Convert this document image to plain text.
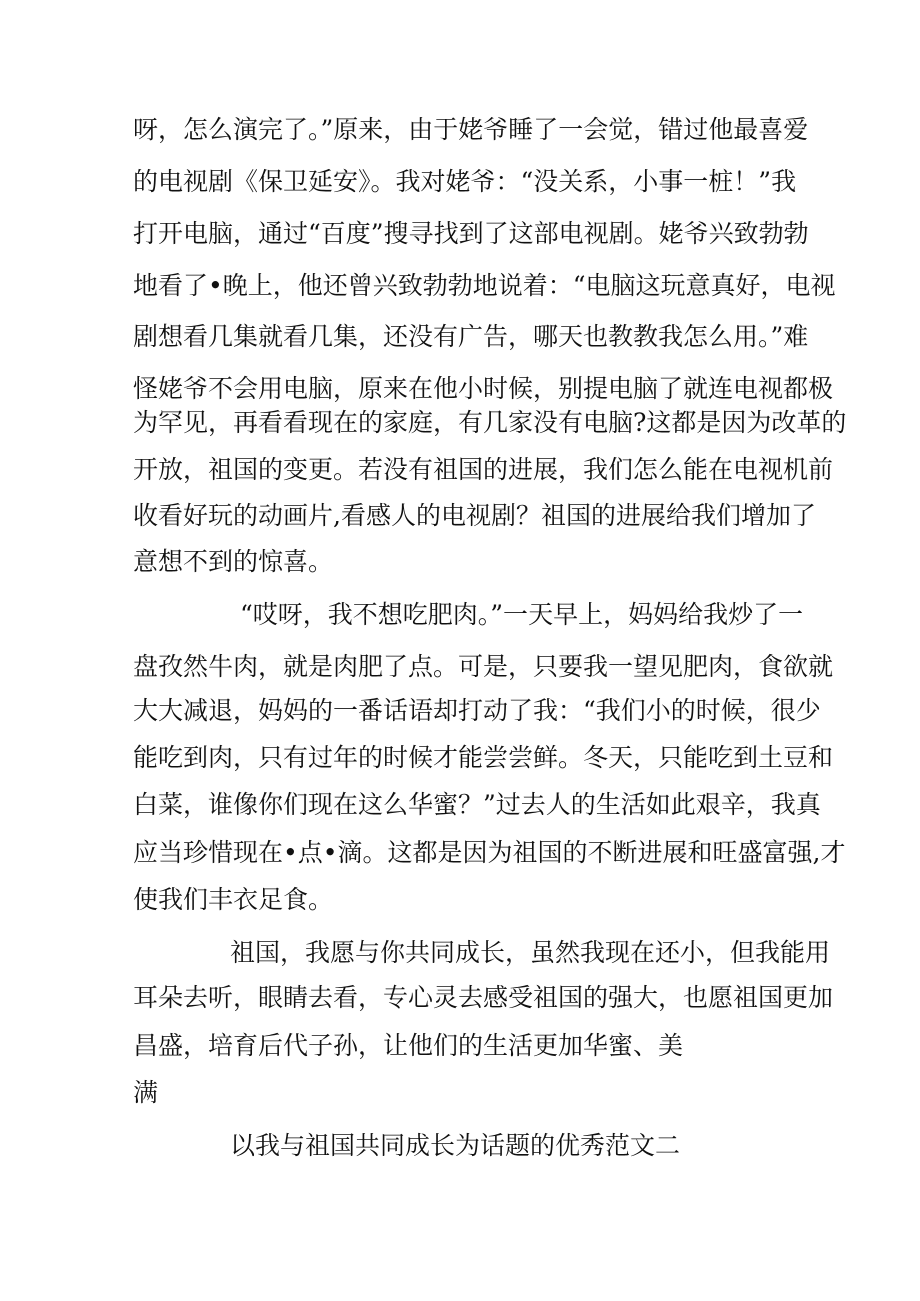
呀，怎么演完了。”原来，由于姥爷睡了一会觉，错过他最喜爱
的电视剧《保卫延安》。我对姥爷：“没关系，小事一桩！”我
打开电脑，通过“百度”搜寻找到了这部电视剧。姥爷兴致勃勃
地看了•晚上，他还曾兴致勃勃地说着：“电脑这玩意真好，电视
剧想看几集就看几集，还没有广告，哪天也教教我怎么用。”难
怪姥爷不会用电脑，原来在他小时候，别提电脑了就连电视都极
为罕见，再看看现在的家庭，有几家没有电脑?这都是因为改革的
开放，祖国的变更。若没有祖国的进展，我们怎么能在电视机前
收看好玩的动画片,看感人的电视剧？祖国的进展给我们增加了
意想不到的惊喜。
“哎呀，我不想吃肥肉。”一天早上，妈妈给我炒了一
盘孜然牛肉，就是肉肥了点。可是，只要我一望见肥肉，食欲就
大大减退，妈妈的一番话语却打动了我：“我们小的时候，很少
能吃到肉，只有过年的时候才能尝尝鲜。冬天，只能吃到土豆和
白菜，谁像你们现在这么华蜜？”过去人的生活如此艰辛，我真
应当珍惜现在•点•滴。这都是因为祖国的不断进展和旺盛富强,才
使我们丰衣足食。
祖国，我愿与你共同成长，虽然我现在还小，但我能用
耳朵去听，眼睛去看，专心灵去感受祖国的强大，也愿祖国更加
昌盛，培育后代子孙，让他们的生活更加华蜜、美
满
以我与祖国共同成长为话题的优秀范文二
